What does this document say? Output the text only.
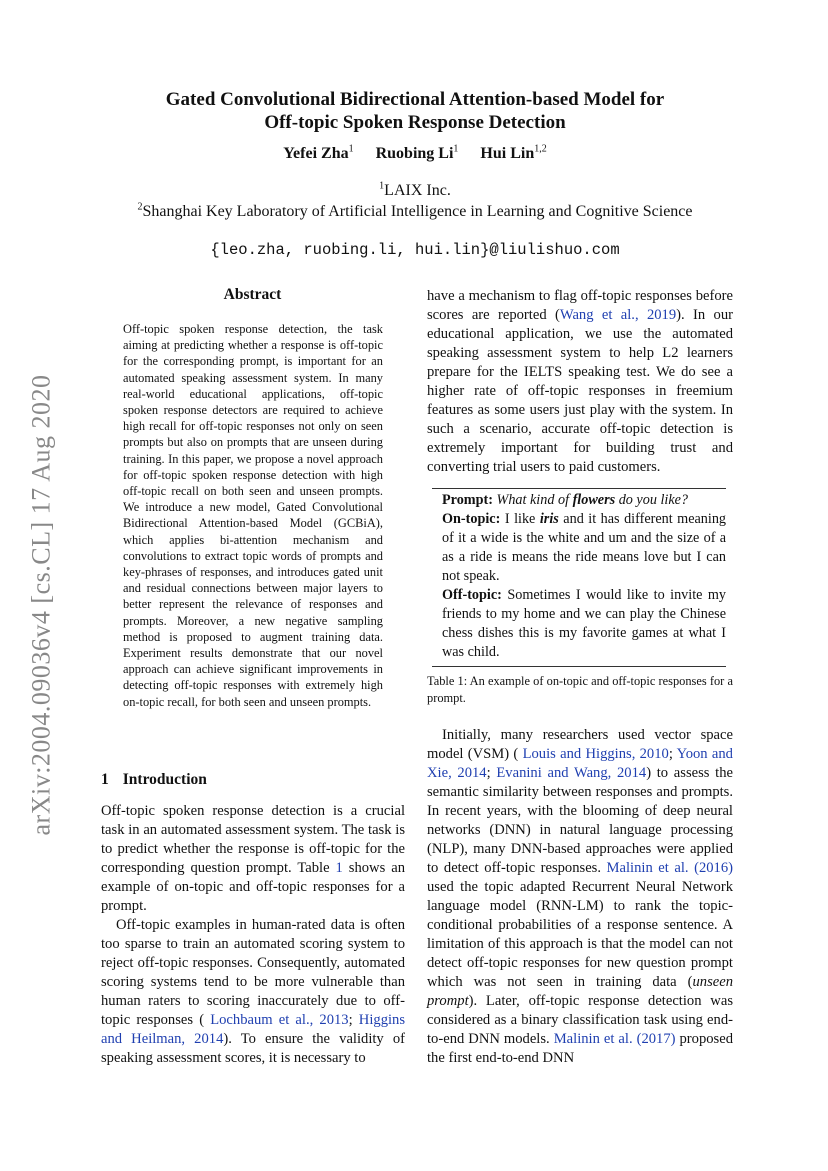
arXiv:2004.09036v4 [cs.CL] 17 Aug 2020
Gated Convolutional Bidirectional Attention-based Model for
Off-topic Spoken Response Detection
Yefei Zha$^1$ Ruobing Li$^1$ Hui Lin$^{1,2}$
$^1$LAIX Inc.
$^2$Shanghai Key Laboratory of Artificial Intelligence in Learning and Cognitive Science
{leo.zha, ruobing.li, hui.lin}@liulishuo.com
Abstract
Off-topic spoken response detection, the task aiming at predicting whether a response is off-topic for the corresponding prompt, is important for an automated speaking assessment system. In many real-world educational applications, off-topic spoken response detectors are required to achieve high recall for off-topic responses not only on seen prompts but also on prompts that are unseen during training. In this paper, we propose a novel approach for off-topic spoken response detection with high off-topic recall on both seen and unseen prompts. We introduce a new model, Gated Convolutional Bidirectional Attention-based Model (GCBiA), which applies bi-attention mechanism and convolutions to extract topic words of prompts and key-phrases of responses, and introduces gated unit and residual connections between major layers to better represent the relevance of responses and prompts. Moreover, a new negative sampling method is proposed to augment training data. Experiment results demonstrate that our novel approach can achieve significant improvements in detecting off-topic responses with extremely high on-topic recall, for both seen and unseen prompts.
1 Introduction

Off-topic spoken response detection is a crucial task in an automated assessment system. The task is to predict whether the response is off-topic for the corresponding question prompt. Table 1 shows an example of on-topic and off-topic responses for a prompt.

Off-topic examples in human-rated data is often too sparse to train an automated scoring system to reject off-topic responses. Consequently, automated scoring systems tend to be more vulnerable than human raters to scoring inaccurately due to off-topic responses ( Lochbaum et al., 2013; Higgins and Heilman, 2014). To ensure the validity of speaking assessment scores, it is necessary to

have a mechanism to flag off-topic responses before scores are reported (Wang et al., 2019). In our educational application, we use the automated speaking assessment system to help L2 learners prepare for the IELTS speaking test. We do see a higher rate of off-topic responses in freemium features as some users just play with the system. In such a scenario, accurate off-topic detection is extremely important for building trust and converting trial users to paid customers.

Prompt: What kind of flowers do you like?
On-topic: I like iris and it has different meaning of it a wide is the white and um and the size of a as a ride is means the ride means love but I can not speak.
Off-topic: Sometimes I would like to invite my friends to my home and we can play the Chinese chess dishes this is my favorite games at what I was child.
Table 1: An example of on-topic and off-topic responses for a prompt.

Initially, many researchers used vector space model (VSM) ( Louis and Higgins, 2010; Yoon and Xie, 2014; Evanini and Wang, 2014) to assess the semantic similarity between responses and prompts. In recent years, with the blooming of deep neural networks (DNN) in natural language processing (NLP), many DNN-based approaches were applied to detect off-topic responses. Malinin et al. (2016) used the topic adapted Recurrent Neural Network language model (RNN-LM) to rank the topic-conditional probabilities of a response sentence. A limitation of this approach is that the model can not detect off-topic responses for new question prompt which was not seen in training data (unseen prompt). Later, off-topic response detection was considered as a binary classification task using end-to-end DNN models. Malinin et al. (2017) proposed the first end-to-end DNN
